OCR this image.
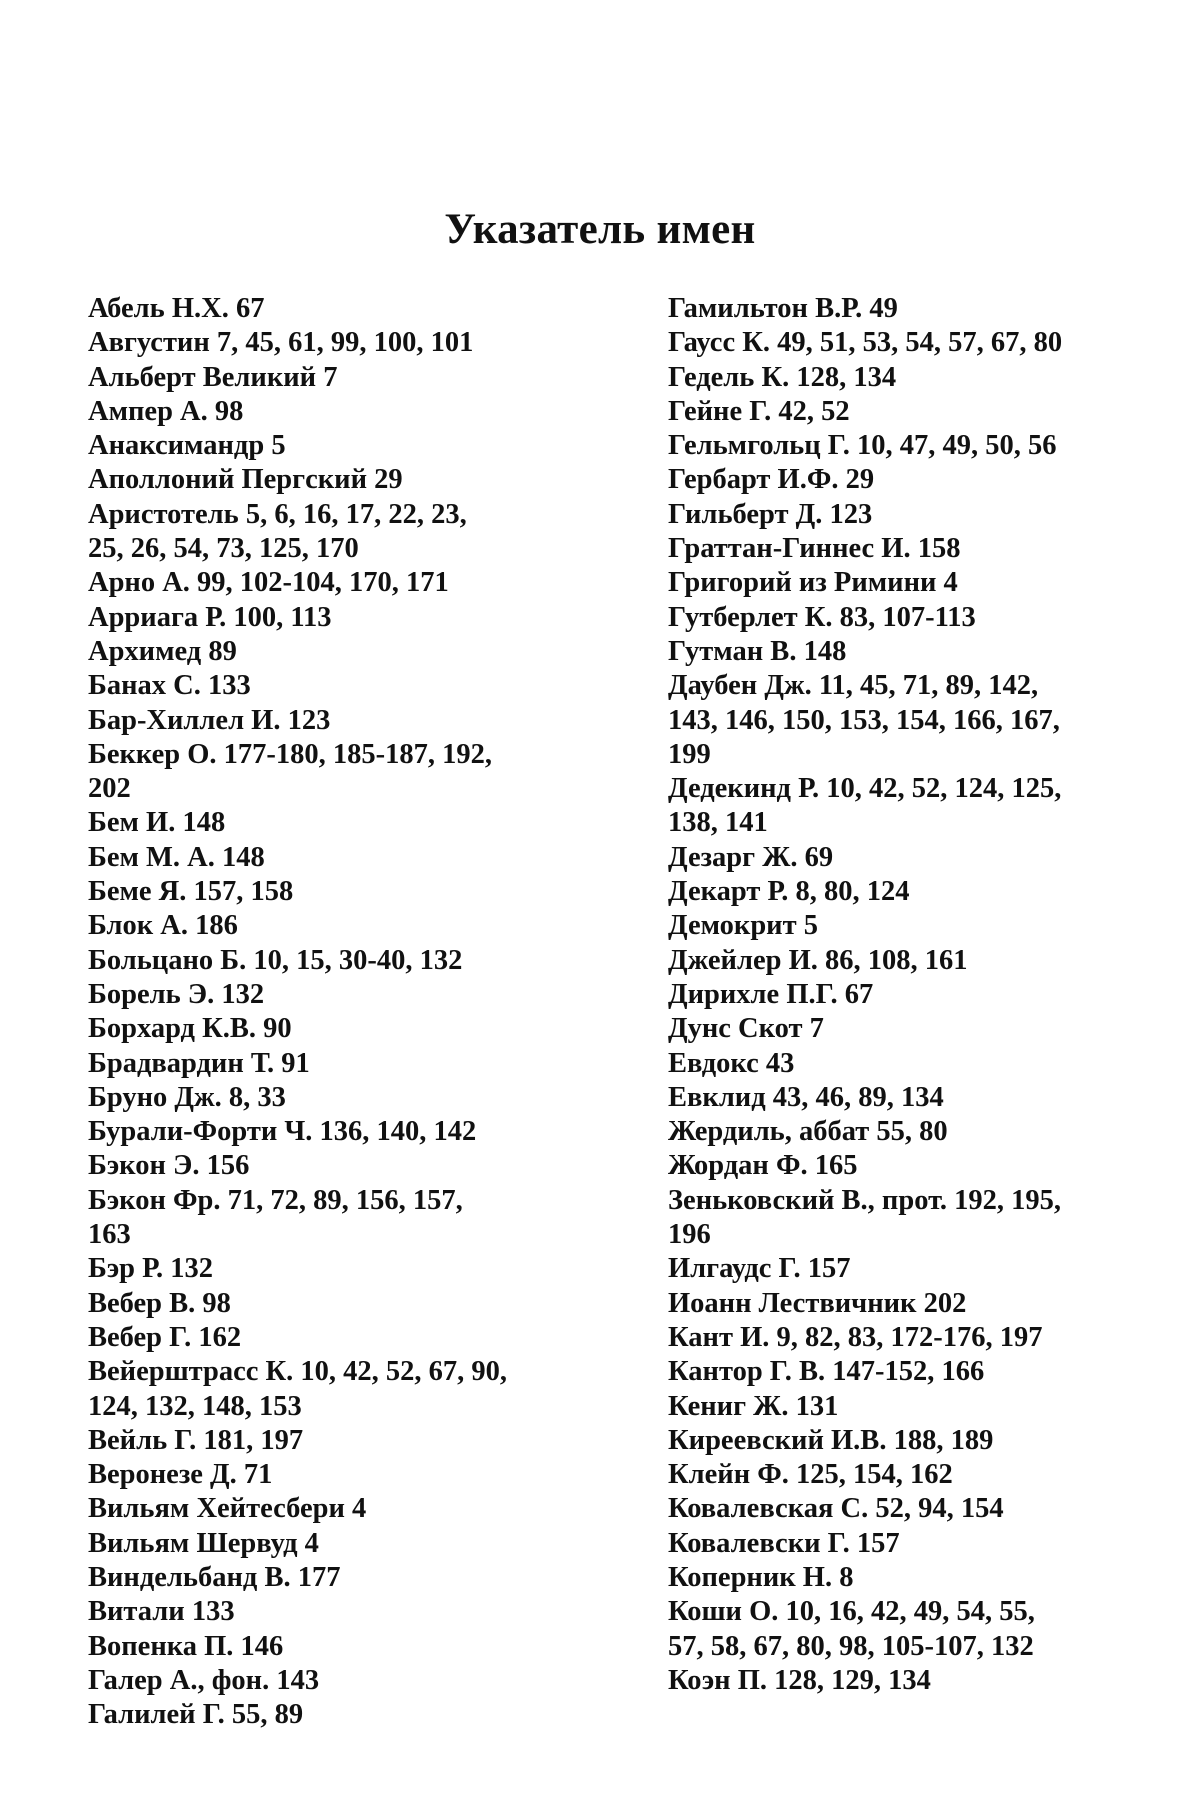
Указатель имен
Абель Н.Х. 67
Августин 7, 45, 61, 99, 100, 101
Альберт Великий 7
Ампер А. 98
Анаксимандр 5
Аполлоний Пергский 29
Аристотель 5, 6, 16, 17, 22, 23,
25, 26, 54, 73, 125, 170
Арно А. 99, 102-104, 170, 171
Арриага Р. 100, 113
Архимед 89
Банах С. 133
Бар-Хиллел И. 123
Беккер О. 177-180, 185-187, 192,
202
Бем И. 148
Бем М. А. 148
Беме Я. 157, 158
Блок А. 186
Больцано Б. 10, 15, 30-40, 132
Борель Э. 132
Борхард К.В. 90
Брадвардин Т. 91
Бруно Дж. 8, 33
Бурали-Форти Ч. 136, 140, 142
Бэкон Э. 156
Бэкон Фр. 71, 72, 89, 156, 157,
163
Бэр Р. 132
Вебер В. 98
Вебер Г. 162
Вейерштрасс К. 10, 42, 52, 67, 90,
124, 132, 148, 153
Вейль Г. 181, 197
Веронезе Д. 71
Вильям Хейтесбери 4
Вильям Шервуд 4
Виндельбанд В. 177
Витали 133
Вопенка П. 146
Галер А., фон. 143
Галилей Г. 55, 89
Гамильтон В.Р. 49
Гаусс К. 49, 51, 53, 54, 57, 67, 80
Гедель К. 128, 134
Гейне Г. 42, 52
Гельмгольц Г. 10, 47, 49, 50, 56
Гербарт И.Ф. 29
Гильберт Д. 123
Граттан-Гиннес И. 158
Григорий из Римини 4
Гутберлет К. 83, 107-113
Гутман В. 148
Даубен Дж. 11, 45, 71, 89, 142,
143, 146, 150, 153, 154, 166, 167,
199
Дедекинд Р. 10, 42, 52, 124, 125,
138, 141
Дезарг Ж. 69
Декарт Р. 8, 80, 124
Демокрит 5
Джейлер И. 86, 108, 161
Дирихле П.Г. 67
Дунс Скот 7
Евдокс 43
Евклид 43, 46, 89, 134
Жердиль, аббат 55, 80
Жордан Ф. 165
Зеньковский В., прот. 192, 195,
196
Илгаудс Г. 157
Иоанн Лествичник 202
Кант И. 9, 82, 83, 172-176, 197
Кантор Г. В. 147-152, 166
Кениг Ж. 131
Киреевский И.В. 188, 189
Клейн Ф. 125, 154, 162
Ковалевская С. 52, 94, 154
Ковалевски Г. 157
Коперник Н. 8
Коши О. 10, 16, 42, 49, 54, 55,
57, 58, 67, 80, 98, 105-107, 132
Коэн П. 128, 129, 134
